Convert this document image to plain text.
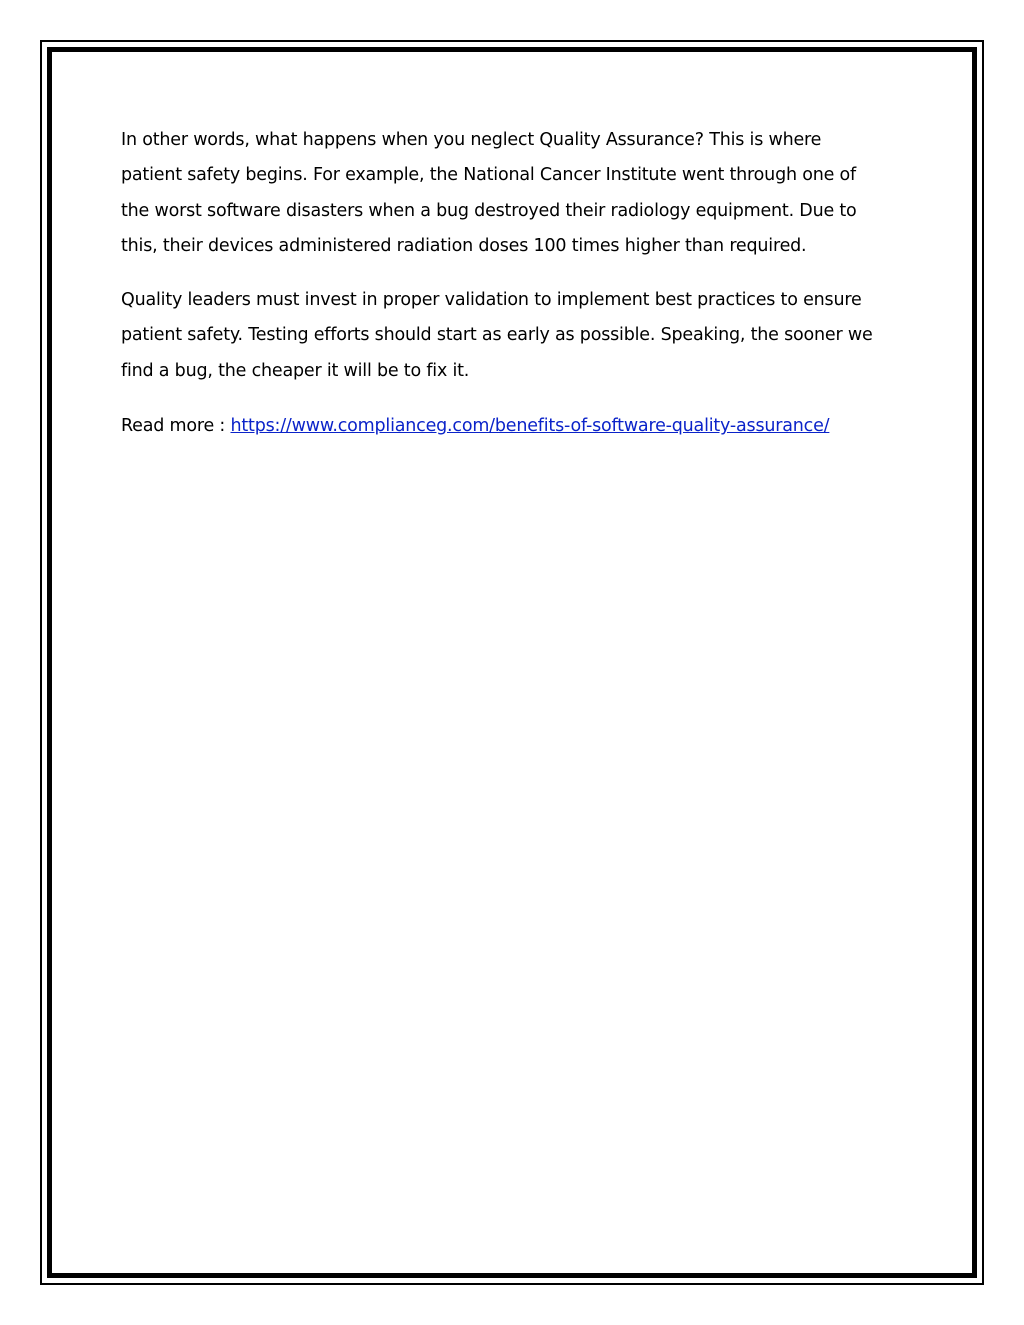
In other words, what happens when you neglect Quality Assurance? This is where
patient safety begins. For example, the National Cancer Institute went through one of
the worst software disasters when a bug destroyed their radiology equipment. Due to
this, their devices administered radiation doses 100 times higher than required.

Quality leaders must invest in proper validation to implement best practices to ensure
patient safety. Testing efforts should start as early as possible. Speaking, the sooner we
find a bug, the cheaper it will be to fix it.

Read more : https://www.complianceg.com/benefits-of-software-quality-assurance/
